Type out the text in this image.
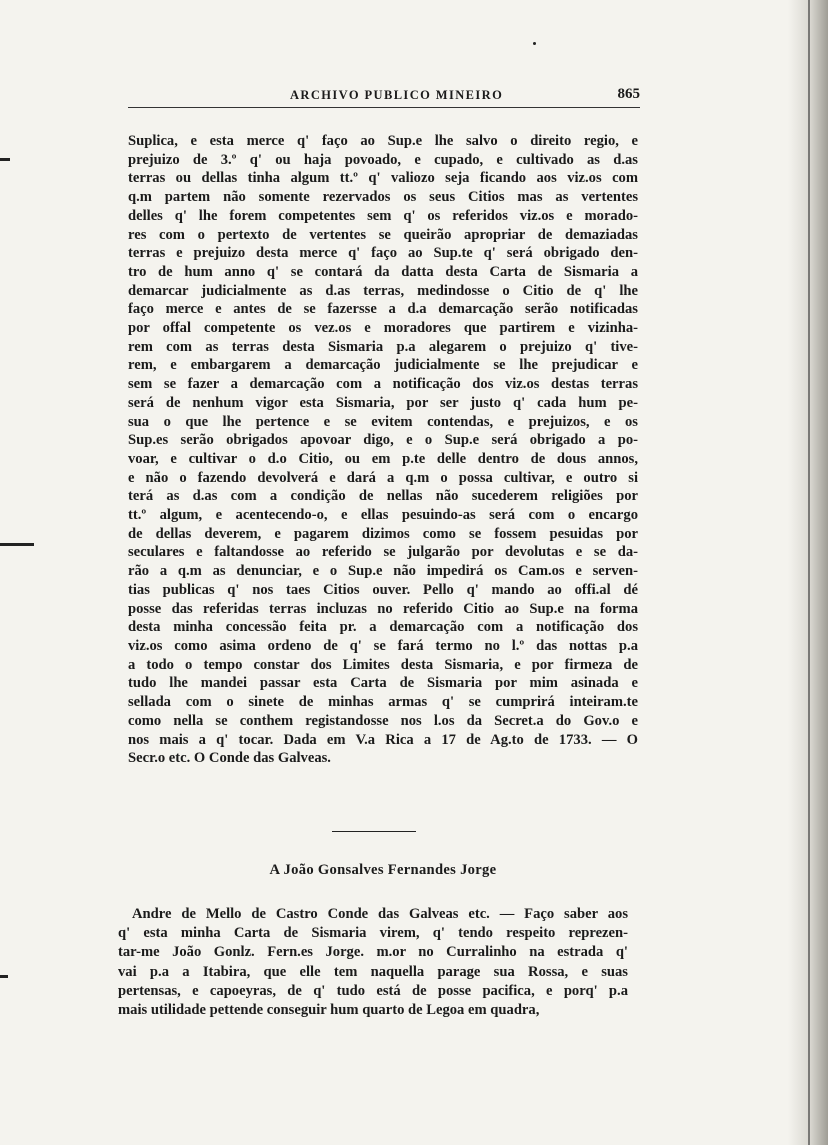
ARCHIVO PUBLICO MINEIRO	865
Suplica, e esta merce q' faço ao Sup.e lhe salvo o direito regio, e
prejuizo de 3.º q' ou haja povoado, e cupado, e cultivado as d.as
terras ou dellas tinha algum tt.º q' valiozo seja ficando aos viz.os com
q.m partem não somente rezervados os seus Citios mas as vertentes
delles q' lhe forem competentes sem q' os referidos viz.os e morado-
res com o pertexto de vertentes se queirão apropriar de demaziadas
terras e prejuizo desta merce q' faço ao Sup.te q' será obrigado den-
tro de hum anno q' se contará da datta desta Carta de Sismaria a
demarcar judicialmente as d.as terras, medindosse o Citio de q' lhe
faço merce e antes de se fazersse a d.a demarcação serão notificadas
por offal competente os vez.os e moradores que partirem e vizinha-
rem com as terras desta Sismaria p.a alegarem o prejuizo q' tive-
rem, e embargarem a demarcação judicialmente se lhe prejudicar e
sem se fazer a demarcação com a notificação dos viz.os destas terras
será de nenhum vigor esta Sismaria, por ser justo q' cada hum pe-
sua o que lhe pertence e se evitem contendas, e prejuizos, e os
Sup.es serão obrigados apovoar digo, e o Sup.e será obrigado a po-
voar, e cultivar o d.o Citio, ou em p.te delle dentro de dous annos,
e não o fazendo devolverá e dará a q.m o possa cultivar, e outro si
terá as d.as com a condição de nellas não sucederem religiões por
tt.º algum, e acentecendo-o, e ellas pesuindo-as será com o encargo
de dellas deverem, e pagarem dizimos como se fossem pesuidas por
seculares e faltandosse ao referido se julgarão por devolutas e se da-
rão a q.m as denunciar, e o Sup.e não impedirá os Cam.os e serven-
tias publicas q' nos taes Citios ouver. Pello q' mando ao offi.al dé
posse das referidas terras incluzas no referido Citio ao Sup.e na forma
desta minha concessão feita pr. a demarcação com a notificação dos
viz.os como asima ordeno de q' se fará termo no l.º das nottas p.a
a todo o tempo constar dos Limites desta Sismaria, e por firmeza de
tudo lhe mandei passar esta Carta de Sismaria por mim asinada e
sellada com o sinete de minhas armas q' se cumprirá inteiram.te
como nella se conthem registandosse nos l.os da Secret.a do Gov.o e
nos mais a q' tocar. Dada em V.a Rica a 17 de Ag.to de 1733. — O
Secr.o etc. O Conde das Galveas.
A João Gonsalves Fernandes Jorge
Andre de Mello de Castro Conde das Galveas etc. — Faço saber aos
q' esta minha Carta de Sismaria virem, q' tendo respeito reprezen-
tar-me João Gonlz. Fern.es Jorge. m.or no Curralinho na estrada q'
vai p.a a Itabira, que elle tem naquella parage sua Rossa, e suas
pertensas, e capoeyras, de q' tudo está de posse pacifica, e porq' p.a
mais utilidade pettende conseguir hum quarto de Legoa em quadra,
